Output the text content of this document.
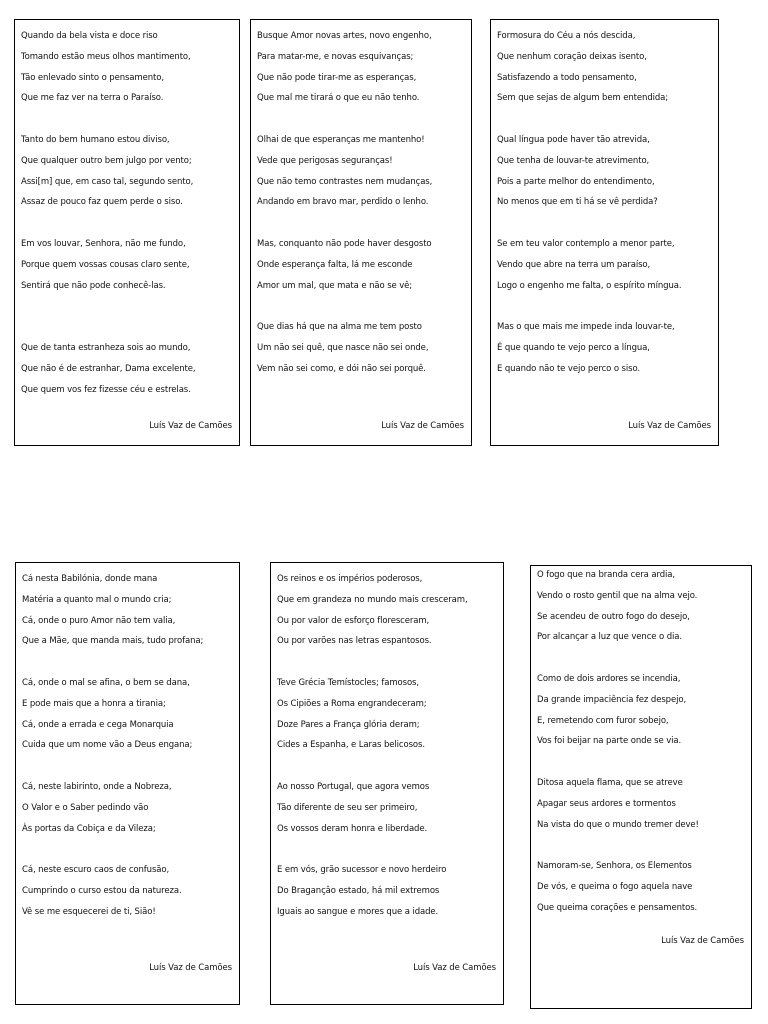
Quando da bela vista e doce riso
Tomando estão meus olhos mantimento,
Tão enlevado sinto o pensamento,
Que me faz ver na terra o Paraíso.
Tanto do bem humano estou diviso,
Que qualquer outro bem julgo por vento;
Assi[m] que, em caso tal, segundo sento,
Assaz de pouco faz quem perde o siso.
Em vos louvar, Senhora, não me fundo,
Porque quem vossas cousas claro sente,
Sentirá que não pode conhecê-las.
Que de tanta estranheza sois ao mundo,
Que não é de estranhar, Dama excelente,
Que quem vos fez fizesse céu e estrelas.
Luís Vaz de Camões
Busque Amor novas artes, novo engenho,
Para matar-me, e novas esquivanças;
Que não pode tirar-me as esperanças,
Que mal me tirará o que eu não tenho.
Olhai de que esperanças me mantenho!
Vede que perigosas seguranças!
Que não temo contrastes nem mudanças,
Andando em bravo mar, perdido o lenho.
Mas, conquanto não pode haver desgosto
Onde esperança falta, lá me esconde
Amor um mal, que mata e não se vê;
Que dias há que na alma me tem posto
Um não sei quê, que nasce não sei onde,
Vem não sei como, e dói não sei porquê.
Luís Vaz de Camões
Formosura do Céu a nós descida,
Que nenhum coração deixas isento,
Satisfazendo a todo pensamento,
Sem que sejas de algum bem entendida;
Qual língua pode haver tão atrevida,
Que tenha de louvar-te atrevimento,
Pois a parte melhor do entendimento,
No menos que em ti há se vê perdida?
Se em teu valor contemplo a menor parte,
Vendo que abre na terra um paraíso,
Logo o engenho me falta, o espírito míngua.
Mas o que mais me impede inda louvar-te,
É que quando te vejo perco a língua,
E quando não te vejo perco o siso.
Luís Vaz de Camões
Cá nesta Babilónia, donde mana
Matéria a quanto mal o mundo cria;
Cá, onde o puro Amor não tem valia,
Que a Mãe, que manda mais, tudo profana;
Cá, onde o mal se afina, o bem se dana,
E pode mais que a honra a tirania;
Cá, onde a errada e cega Monarquia
Cuida que um nome vão a Deus engana;
Cá, neste labirinto, onde a Nobreza,
O Valor e o Saber pedindo vão
Às portas da Cobiça e da Vileza;
Cá, neste escuro caos de confusão,
Cumprindo o curso estou da natureza.
Vê se me esquecerei de ti, Sião!
Luís Vaz de Camões
Os reinos e os impérios poderosos,
Que em grandeza no mundo mais cresceram,
Ou por valor de esforço floresceram,
Ou por varões nas letras espantosos.
Teve Grécia Temístocles; famosos,
Os Cipiões a Roma engrandeceram;
Doze Pares a França glória deram;
Cides a Espanha, e Laras belicosos.
Ao nosso Portugal, que agora vemos
Tão diferente de seu ser primeiro,
Os vossos deram honra e liberdade.
E em vós, grão sucessor e novo herdeiro
Do Bragançâo estado, há mil extremos
Iguais ao sangue e mores que a idade.
Luís Vaz de Camões
O fogo que na branda cera ardia,
Vendo o rosto gentil que na alma vejo.
Se acendeu de outro fogo do desejo,
Por alcançar a luz que vence o dia.
Como de dois ardores se incendia,
Da grande impaciência fez despejo,
E, remetendo com furor sobejo,
Vos foi beijar na parte onde se via.
Ditosa aquela flama, que se atreve
Apagar seus ardores e tormentos
Na vista do que o mundo tremer deve!
Namoram-se, Senhora, os Elementos
De vós, e queima o fogo aquela nave
Que queima corações e pensamentos.
Luís Vaz de Camões
